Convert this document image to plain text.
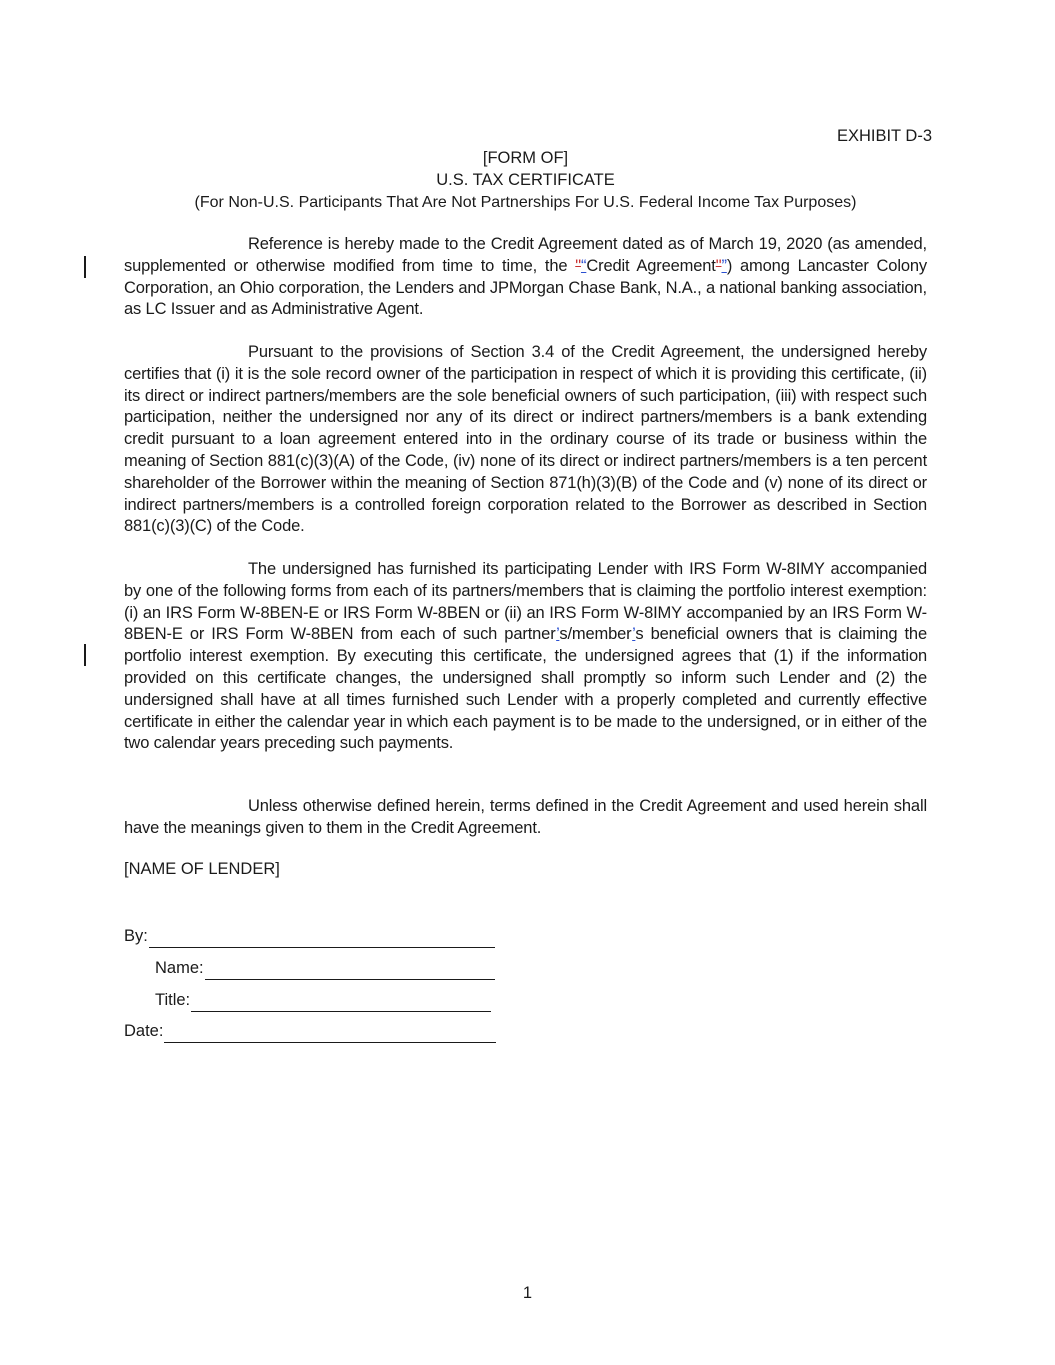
EXHIBIT D-3
[FORM OF]
U.S. TAX CERTIFICATE
(For Non-U.S. Participants That Are Not Partnerships For U.S. Federal Income Tax Purposes)

Reference is hereby made to the Credit Agreement dated as of March 19, 2020 (as amended, supplemented or otherwise modified from time to time, the "“Credit Agreement"”) among Lancaster Colony Corporation, an Ohio corporation, the Lenders and JPMorgan Chase Bank, N.A., a national banking association, as LC Issuer and as Administrative Agent.

Pursuant to the provisions of Section 3.4 of the Credit Agreement, the undersigned hereby certifies that (i) it is the sole record owner of the participation in respect of which it is providing this certificate, (ii) its direct or indirect partners/members are the sole beneficial owners of such participation, (iii) with respect such participation, neither the undersigned nor any of its direct or indirect partners/members is a bank extending credit pursuant to a loan agreement entered into in the ordinary course of its trade or business within the meaning of Section 881(c)(3)(A) of the Code, (iv) none of its direct or indirect partners/members is a ten percent shareholder of the Borrower within the meaning of Section 871(h)(3)(B) of the Code and (v) none of its direct or indirect partners/members is a controlled foreign corporation related to the Borrower as described in Section 881(c)(3)(C) of the Code.

The undersigned has furnished its participating Lender with IRS Form W-8IMY accompanied by one of the following forms from each of its partners/members that is claiming the portfolio interest exemption: (i) an IRS Form W-8BEN-E or IRS Form W-8BEN or (ii) an IRS Form W-8IMY accompanied by an IRS Form W-8BEN-E or IRS Form W-8BEN from each of such partner’s/member’s beneficial owners that is claiming the portfolio interest exemption. By executing this certificate, the undersigned agrees that (1) if the information provided on this certificate changes, the undersigned shall promptly so inform such Lender and (2) the undersigned shall have at all times furnished such Lender with a properly completed and currently effective certificate in either the calendar year in which each payment is to be made to the undersigned, or in either of the two calendar years preceding such payments.

Unless otherwise defined herein, terms defined in the Credit Agreement and used herein shall have the meanings given to them in the Credit Agreement.

[NAME OF LENDER]
By:
Name:
Title:
Date:
1
